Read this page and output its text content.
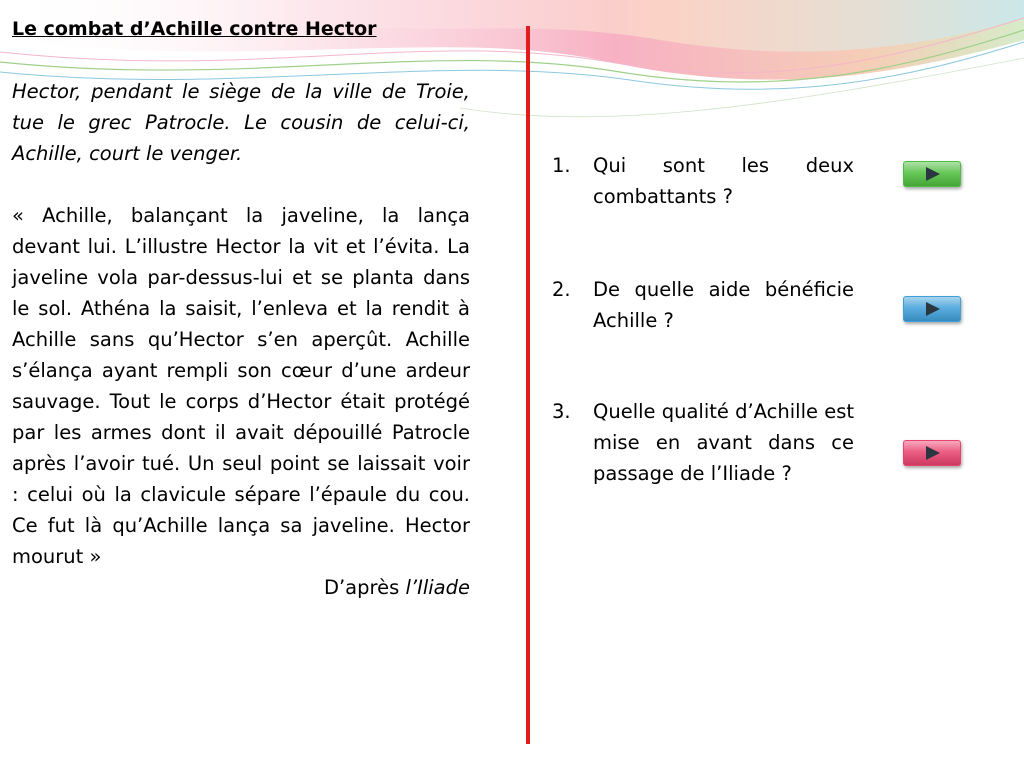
Le combat d’Achille contre Hector

Hector, pendant le siège de la ville de Troie, tue le grec Patrocle. Le cousin de celui-ci, Achille, court le venger.

« Achille, balançant la javeline, la lança devant lui. L’illustre Hector la vit et l’évita. La javeline vola par-dessus-lui et se planta dans le sol. Athéna la saisit, l’enleva et la rendit à Achille sans qu’Hector s’en aperçût. Achille s’élança ayant rempli son cœur d’une ardeur sauvage. Tout le corps d’Hector était protégé par les armes dont il avait dépouillé Patrocle après l’avoir tué. Un seul point se laissait voir : celui où la clavicule sépare l’épaule du cou. Ce fut là qu’Achille lança sa javeline. Hector mourut »

D’après l’Iliade

1. Qui sont les deux combattants ?
2. De quelle aide bénéficie Achille ?
3. Quelle qualité d’Achille est mise en avant dans ce passage de l’Iliade ?
